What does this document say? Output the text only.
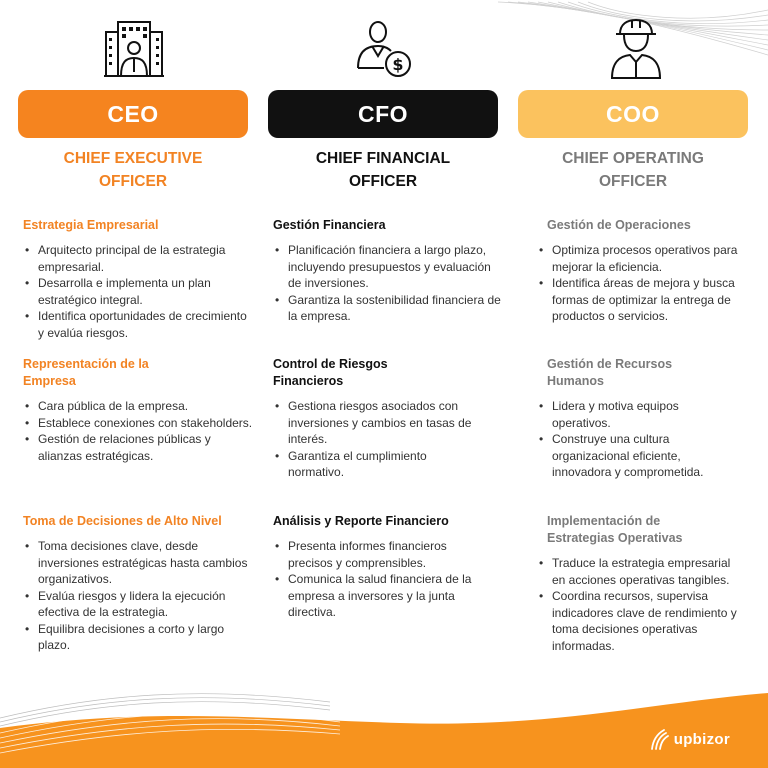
CEO
CHIEF EXECUTIVE
OFFICER
Estrategia Empresarial
• Arquitecto principal de la estrategia empresarial.
• Desarrolla e implementa un plan estratégico integral.
• Identifica oportunidades de crecimiento y evalúa riesgos.
Representación de la Empresa
• Cara pública de la empresa.
• Establece conexiones con stakeholders.
• Gestión de relaciones públicas y alianzas estratégicas.
Toma de Decisiones de Alto Nivel
• Toma decisiones clave, desde inversiones estratégicas hasta cambios organizativos.
• Evalúa riesgos y lidera la ejecución efectiva de la estrategia.
• Equilibra decisiones a corto y largo plazo.
$
CFO
CHIEF FINANCIAL
OFFICER
Gestión Financiera
• Planificación financiera a largo plazo, incluyendo presupuestos y evaluación de inversiones.
• Garantiza la sostenibilidad financiera de la empresa.
Control de Riesgos Financieros
• Gestiona riesgos asociados con inversiones y cambios en tasas de interés.
• Garantiza el cumplimiento normativo.
Análisis y Reporte Financiero
• Presenta informes financieros precisos y comprensibles.
• Comunica la salud financiera de la empresa a inversores y la junta directiva.
COO
CHIEF OPERATING
OFFICER
Gestión de Operaciones
• Optimiza procesos operativos para mejorar la eficiencia.
• Identifica áreas de mejora y busca formas de optimizar la entrega de productos o servicios.
Gestión de Recursos Humanos
• Lidera y motiva equipos operativos.
• Construye una cultura organizacional eficiente, innovadora y comprometida.
Implementación de Estrategias Operativas
• Traduce la estrategia empresarial en acciones operativas tangibles.
• Coordina recursos, supervisa indicadores clave de rendimiento y toma decisiones operativas informadas.
upbizor
